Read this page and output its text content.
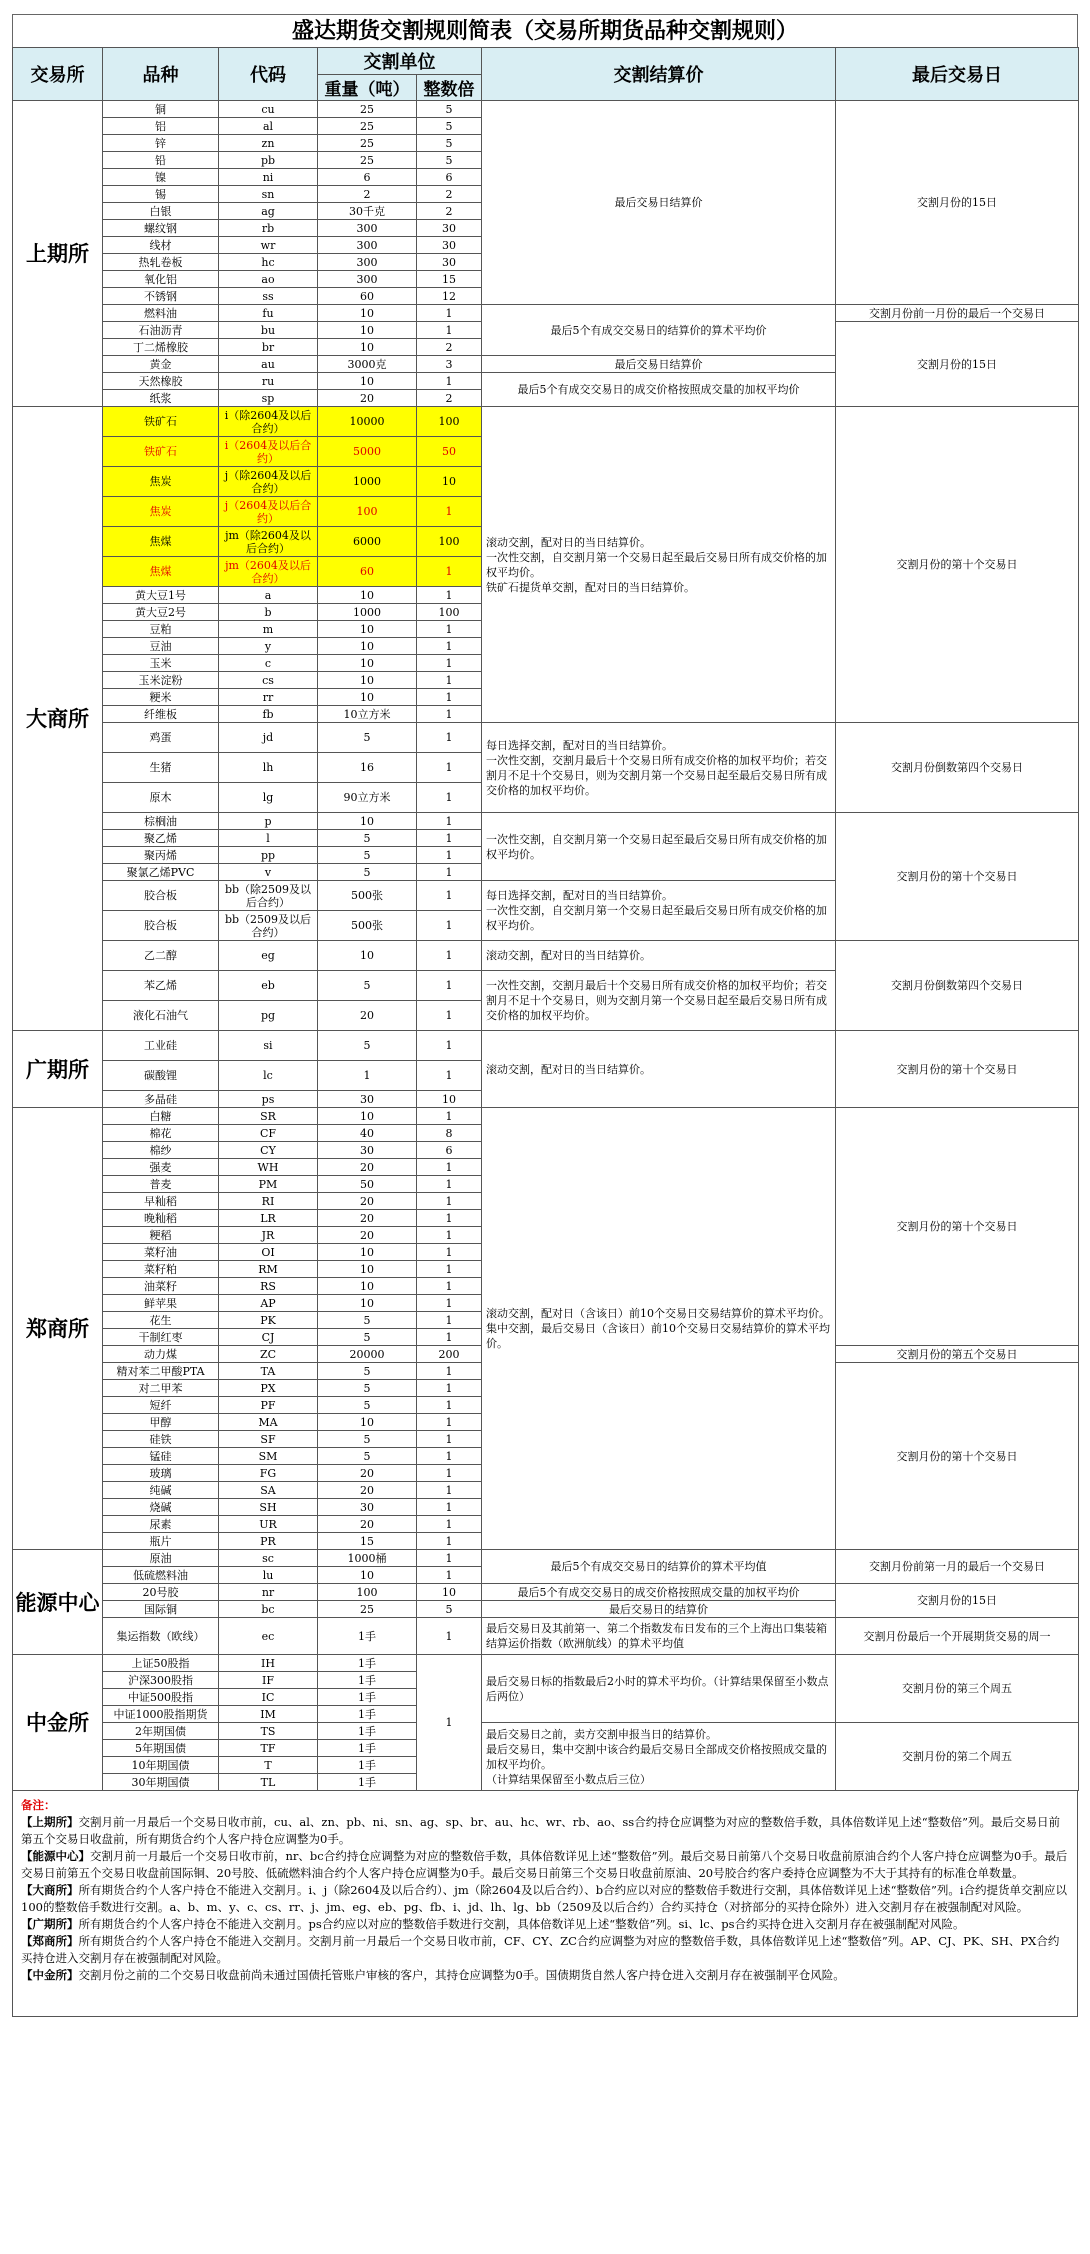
盛达期货交割规则简表（交易所期货品种交割规则）
交易所	品种	代码	交割单位		交割结算价	最后交易日
			重量（吨）	整数倍		
上期所	铜	cu	25	5	最后交易日结算价	交割月份的15日
	铝	al	25	5		
	锌	zn	25	5		
	铅	pb	25	5		
	镍	ni	6	6		
	锡	sn	2	2		
	白银	ag	30千克	2		
	螺纹钢	rb	300	30		
	线材	wr	300	30		
	热轧卷板	hc	300	30		
	氧化铝	ao	300	15		
	不锈钢	ss	60	12		
	燃料油	fu	10	1	最后5个有成交交易日的结算价的算术平均价	交割月份前一月份的最后一个交易日
	石油沥青	bu	10	1		交割月份的15日
	丁二烯橡胶	br	10	2		
	黄金	au	3000克	3	最后交易日结算价	
	天然橡胶	ru	10	1	最后5个有成交交易日的成交价格按照成交量的加权平均价	
	纸浆	sp	20	2		
大商所	铁矿石	i（除2604及以后合约）	10000	100	滚动交割，配对日的当日结算价。

一次性交割，自交割月第一个交易日起至最后交易日所有成交价格的加权平均价。

铁矿石提货单交割，配对日的当日结算价。	交割月份的第十个交易日
	铁矿石	i（2604及以后合约）	5000	50		
	焦炭	j（除2604及以后合约）	1000	10		
	焦炭	j（2604及以后合约）	100	1		
	焦煤	jm（除2604及以后合约）	6000	100		
	焦煤	jm（2604及以后合约）	60	1		
	黄大豆1号	a	10	1		
	黄大豆2号	b	1000	100		
	豆粕	m	10	1		
	豆油	y	10	1		
	玉米	c	10	1		
	玉米淀粉	cs	10	1		
	粳米	rr	10	1		
	纤维板	fb	10立方米	1		
	鸡蛋	jd	5	1	每日选择交割，配对日的当日结算价。

一次性交割，交割月最后十个交易日所有成交价格的加权平均价；若交割月不足十个交易日，则为交割月第一个交易日起至最后交易日所有成交价格的加权平均价。	交割月份倒数第四个交易日
	生猪	lh	16	1		
	原木	lg	90立方米	1		
	棕榈油	p	10	1	一次性交割，自交割月第一个交易日起至最后交易日所有成交价格的加权平均价。	交割月份的第十个交易日
	聚乙烯	l	5	1		
	聚丙烯	pp	5	1		
	聚氯乙烯PVC	v	5	1		
	胶合板	bb（除2509及以后合约）	500张	1	每日选择交割，配对日的当日结算价。

一次性交割，自交割月第一个交易日起至最后交易日所有成交价格的加权平均价。	

	胶合板	bb（2509及以后合约）	500张	1		
	乙二醇	eg	10	1	滚动交割，配对日的当日结算价。	交割月份倒数第四个交易日
	苯乙烯	eb	5	1	一次性交割，交割月最后十个交易日所有成交价格的加权平均价；若交割月不足十个交易日，则为交割月第一个交易日起至最后交易日所有成交价格的加权平均价。	

	液化石油气	pg	20	1		
广期所	工业硅	si	5	1	滚动交割，配对日的当日结算价。	交割月份的第十个交易日
	碳酸锂	lc	1	1		
	多晶硅	ps	30	10		
郑商所	白糖	SR	10	1	滚动交割，配对日（含该日）前10个交易日交易结算价的算术平均价。

集中交割，最后交易日（含该日）前10个交易日交易结算价的算术平均价。	交割月份的第十个交易日
	棉花	CF	40	8		
	棉纱	CY	30	6		
	强麦	WH	20	1		
	普麦	PM	50	1		
	早籼稻	RI	20	1		
	晚籼稻	LR	20	1		
	粳稻	JR	20	1		
	菜籽油	OI	10	1		
	菜籽粕	RM	10	1		
	油菜籽	RS	10	1		
	鲜苹果	AP	10	1		
	花生	PK	5	1		
	干制红枣	CJ	5	1		
	动力煤	ZC	20000	200		交割月份的第五个交易日
	精对苯二甲酸PTA	TA	5	1		交割月份的第十个交易日
	对二甲苯	PX	5	1		
	短纤	PF	5	1		
	甲醇	MA	10	1		
	硅铁	SF	5	1		
	锰硅	SM	5	1		
	玻璃	FG	20	1		
	纯碱	SA	20	1		
	烧碱	SH	30	1		
	尿素	UR	20	1		
	瓶片	PR	15	1		
能源中心	原油	sc	1000桶	1	最后5个有成交交易日的结算价的算术平均值	交割月份前第一月的最后一个交易日
	低硫燃料油	lu	10	1		
	20号胶	nr	100	10	最后5个有成交交易日的成交价格按照成交量的加权平均价	交割月份的15日
	国际铜	bc	25	5	最后交易日的结算价	
	集运指数（欧线）	ec	1手	1	最后交易日及其前第一、第二个指数发布日发布的三个上海出口集装箱结算运价指数（欧洲航线）的算术平均值	交割月份最后一个开展期货交易的周一
中金所	上证50股指	IH	1手	1	最后交易日标的指数最后2小时的算术平均价。（计算结果保留至小数点后两位）	交割月份的第三个周五
	沪深300股指	IF	1手			
	中证500股指	IC	1手			
	中证1000股指期货	IM	1手			
	2年期国债	TS	1手		最后交易日之前，卖方交割申报当日的结算价。

最后交易日，集中交割中该合约最后交易日全部成交价格按照成交量的加权平均价。

（计算结果保留至小数点后三位）	交割月份的第二个周五
	5年期国债	TF	1手			
	10年期国债	T	1手			
	30年期国债	TL	1手			
备注：

【上期所】交割月前一月最后一个交易日收市前，cu、al、zn、pb、ni、sn、ag、sp、br、au、hc、wr、rb、ao、ss合约持仓应调整为对应的整数倍手数，具体倍数详见上述“整数倍”列。最后交易日前第五个交易日收盘前，所有期货合约个人客户持仓应调整为0手。

【能源中心】交割月前一月最后一个交易日收市前，nr、bc合约持仓应调整为对应的整数倍手数，具体倍数详见上述“整数倍”列。最后交易日前第八个交易日收盘前原油合约个人客户持仓应调整为0手。最后交易日前第五个交易日收盘前国际铜、20号胶、低硫燃料油合约个人客户持仓应调整为0手。最后交易日前第三个交易日收盘前原油、20号胶合约客户委持仓应调整为不大于其持有的标准仓单数量。

【大商所】所有期货合约个人客户持仓不能进入交割月。i、j（除2604及以后合约）、jm（除2604及以后合约）、b合约应以对应的整数倍手数进行交割，具体倍数详见上述“整数倍”列。i合约提货单交割应以100的整数倍手数进行交割。a、b、m、y、c、cs、rr、j、jm、eg、eb、pg、fb、i、jd、lh、lg、bb（2509及以后合约）合约买持仓（对挤部分的买持仓除外）进入交割月存在被强制配对风险。

【广期所】所有期货合约个人客户持仓不能进入交割月。ps合约应以对应的整数倍手数进行交割，具体倍数详见上述“整数倍”列。si、lc、ps合约买持仓进入交割月存在被强制配对风险。

【郑商所】所有期货合约个人客户持仓不能进入交割月。交割月前一月最后一个交易日收市前，CF、CY、ZC合约应调整为对应的整数倍手数，具体倍数详见上述“整数倍”列。AP、CJ、PK、SH、PX合约买持仓进入交割月存在被强制配对风险。

【中金所】交割月份之前的二个交易日收盘前尚未通过国债托管账户审核的客户，其持仓应调整为0手。国债期货自然人客户持仓进入交割月存在被强制平仓风险。
